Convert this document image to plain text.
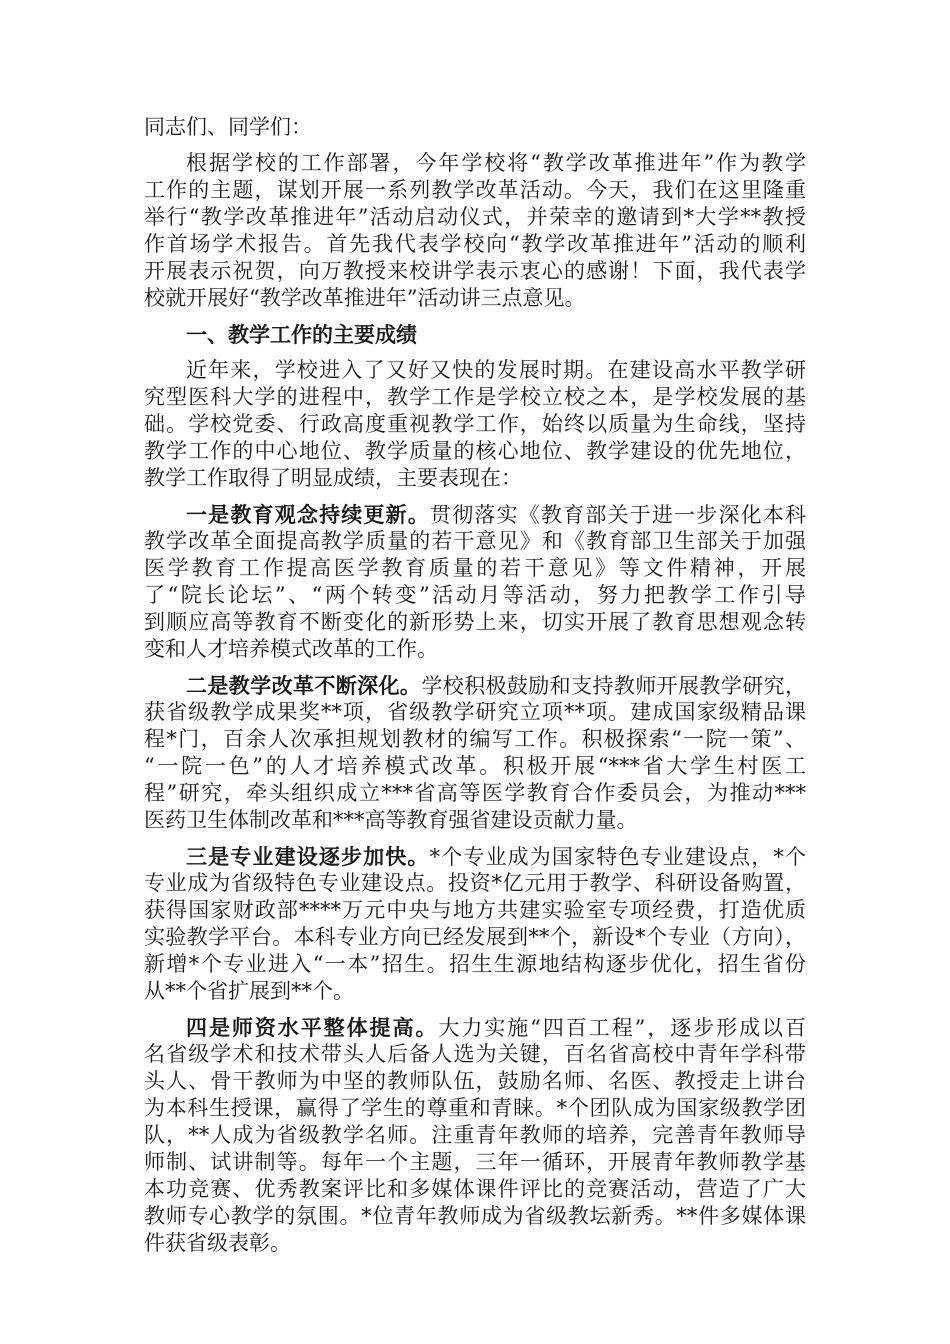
同志们、同学们：
根据学校的工作部署，今年学校将“教学改革推进年”作为教学
工作的主题，谋划开展一系列教学改革活动。今天，我们在这里隆重
举行“教学改革推进年”活动启动仪式，并荣幸的邀请到*大学**教授
作首场学术报告。首先我代表学校向“教学改革推进年”活动的顺利
开展表示祝贺，向万教授来校讲学表示衷心的感谢！下面，我代表学
校就开展好“教学改革推进年”活动讲三点意见。
一、教学工作的主要成绩
近年来，学校进入了又好又快的发展时期。在建设高水平教学研
究型医科大学的进程中，教学工作是学校立校之本，是学校发展的基
础。学校党委、行政高度重视教学工作，始终以质量为生命线，坚持
教学工作的中心地位、教学质量的核心地位、教学建设的优先地位，
教学工作取得了明显成绩，主要表现在：
一是教育观念持续更新。贯彻落实《教育部关于进一步深化本科
教学改革全面提高教学质量的若干意见》和《教育部卫生部关于加强
医学教育工作提高医学教育质量的若干意见》等文件精神，开展
了“院长论坛”、“两个转变”活动月等活动，努力把教学工作引导
到顺应高等教育不断变化的新形势上来，切实开展了教育思想观念转
变和人才培养模式改革的工作。
二是教学改革不断深化。学校积极鼓励和支持教师开展教学研究，
获省级教学成果奖**项，省级教学研究立项**项。建成国家级精品课
程*门，百余人次承担规划教材的编写工作。积极探索“一院一策”、
“一院一色”的人才培养模式改革。积极开展“***省大学生村医工
程”研究，牵头组织成立***省高等医学教育合作委员会，为推动***
医药卫生体制改革和***高等教育强省建设贡献力量。
三是专业建设逐步加快。*个专业成为国家特色专业建设点，*个
专业成为省级特色专业建设点。投资*亿元用于教学、科研设备购置，
获得国家财政部****万元中央与地方共建实验室专项经费，打造优质
实验教学平台。本科专业方向已经发展到**个，新设*个专业（方向），
新增*个专业进入“一本”招生。招生生源地结构逐步优化，招生省份
从**个省扩展到**个。
四是师资水平整体提高。大力实施“四百工程”，逐步形成以百
名省级学术和技术带头人后备人选为关键，百名省高校中青年学科带
头人、骨干教师为中坚的教师队伍，鼓励名师、名医、教授走上讲台
为本科生授课，赢得了学生的尊重和青睐。*个团队成为国家级教学团
队，**人成为省级教学名师。注重青年教师的培养，完善青年教师导
师制、试讲制等。每年一个主题，三年一循环，开展青年教师教学基
本功竞赛、优秀教案评比和多媒体课件评比的竞赛活动，营造了广大
教师专心教学的氛围。*位青年教师成为省级教坛新秀。**件多媒体课
件获省级表彰。
